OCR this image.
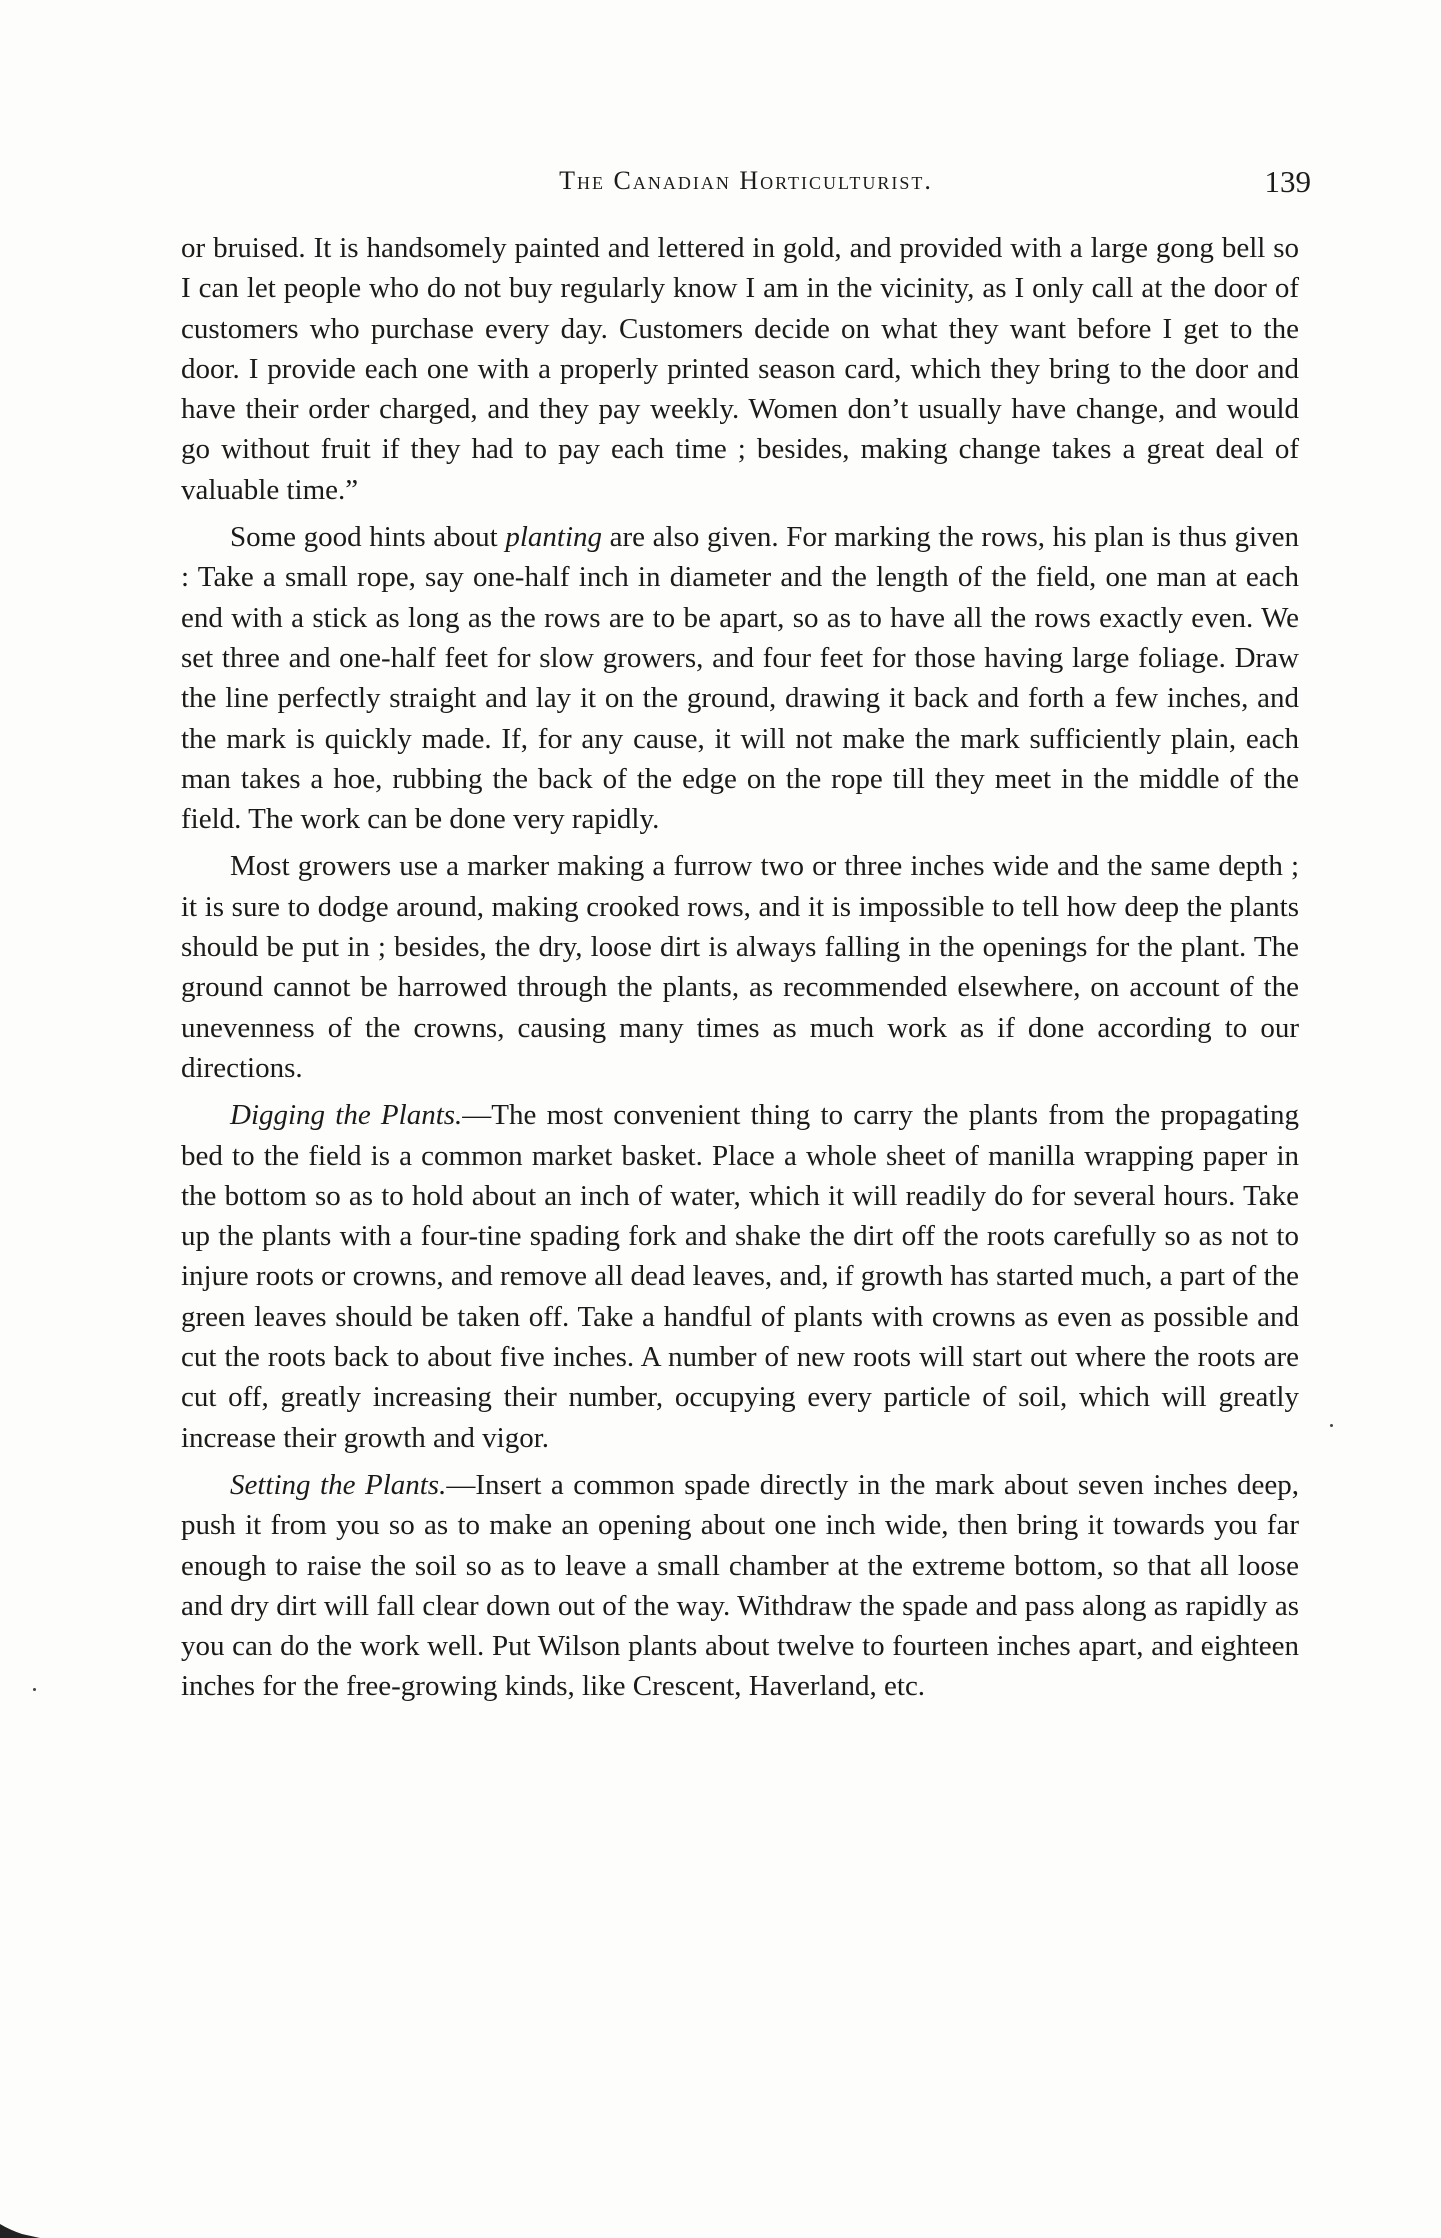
The Canadian Horticulturist.	139

or bruised. It is handsomely painted and lettered in gold, and provided with a large gong bell so I can let people who do not buy regularly know I am in the vicinity, as I only call at the door of customers who purchase every day. Customers decide on what they want before I get to the door. I provide each one with a properly printed season card, which they bring to the door and have their order charged, and they pay weekly. Women don’t usually have change, and would go without fruit if they had to pay each time ; besides, making change takes a great deal of valuable time.”

Some good hints about planting are also given. For marking the rows, his plan is thus given : Take a small rope, say one-half inch in diameter and the length of the field, one man at each end with a stick as long as the rows are to be apart, so as to have all the rows exactly even. We set three and one-half feet for slow growers, and four feet for those having large foliage. Draw the line perfectly straight and lay it on the ground, drawing it back and forth a few inches, and the mark is quickly made. If, for any cause, it will not make the mark sufficiently plain, each man takes a hoe, rubbing the back of the edge on the rope till they meet in the middle of the field. The work can be done very rapidly.

Most growers use a marker making a furrow two or three inches wide and the same depth ; it is sure to dodge around, making crooked rows, and it is impossible to tell how deep the plants should be put in ; besides, the dry, loose dirt is always falling in the openings for the plant. The ground cannot be harrowed through the plants, as recommended elsewhere, on account of the unevenness of the crowns, causing many times as much work as if done according to our directions.

Digging the Plants.—The most convenient thing to carry the plants from the propagating bed to the field is a common market basket. Place a whole sheet of manilla wrapping paper in the bottom so as to hold about an inch of water, which it will readily do for several hours. Take up the plants with a four-tine spading fork and shake the dirt off the roots carefully so as not to injure roots or crowns, and remove all dead leaves, and, if growth has started much, a part of the green leaves should be taken off. Take a handful of plants with crowns as even as possible and cut the roots back to about five inches. A number of new roots will start out where the roots are cut off, greatly increasing their number, occupying every particle of soil, which will greatly increase their growth and vigor.

Setting the Plants.—Insert a common spade directly in the mark about seven inches deep, push it from you so as to make an opening about one inch wide, then bring it towards you far enough to raise the soil so as to leave a small chamber at the extreme bottom, so that all loose and dry dirt will fall clear down out of the way. Withdraw the spade and pass along as rapidly as you can do the work well. Put Wilson plants about twelve to fourteen inches apart, and eighteen inches for the free-growing kinds, like Crescent, Haverland, etc.
